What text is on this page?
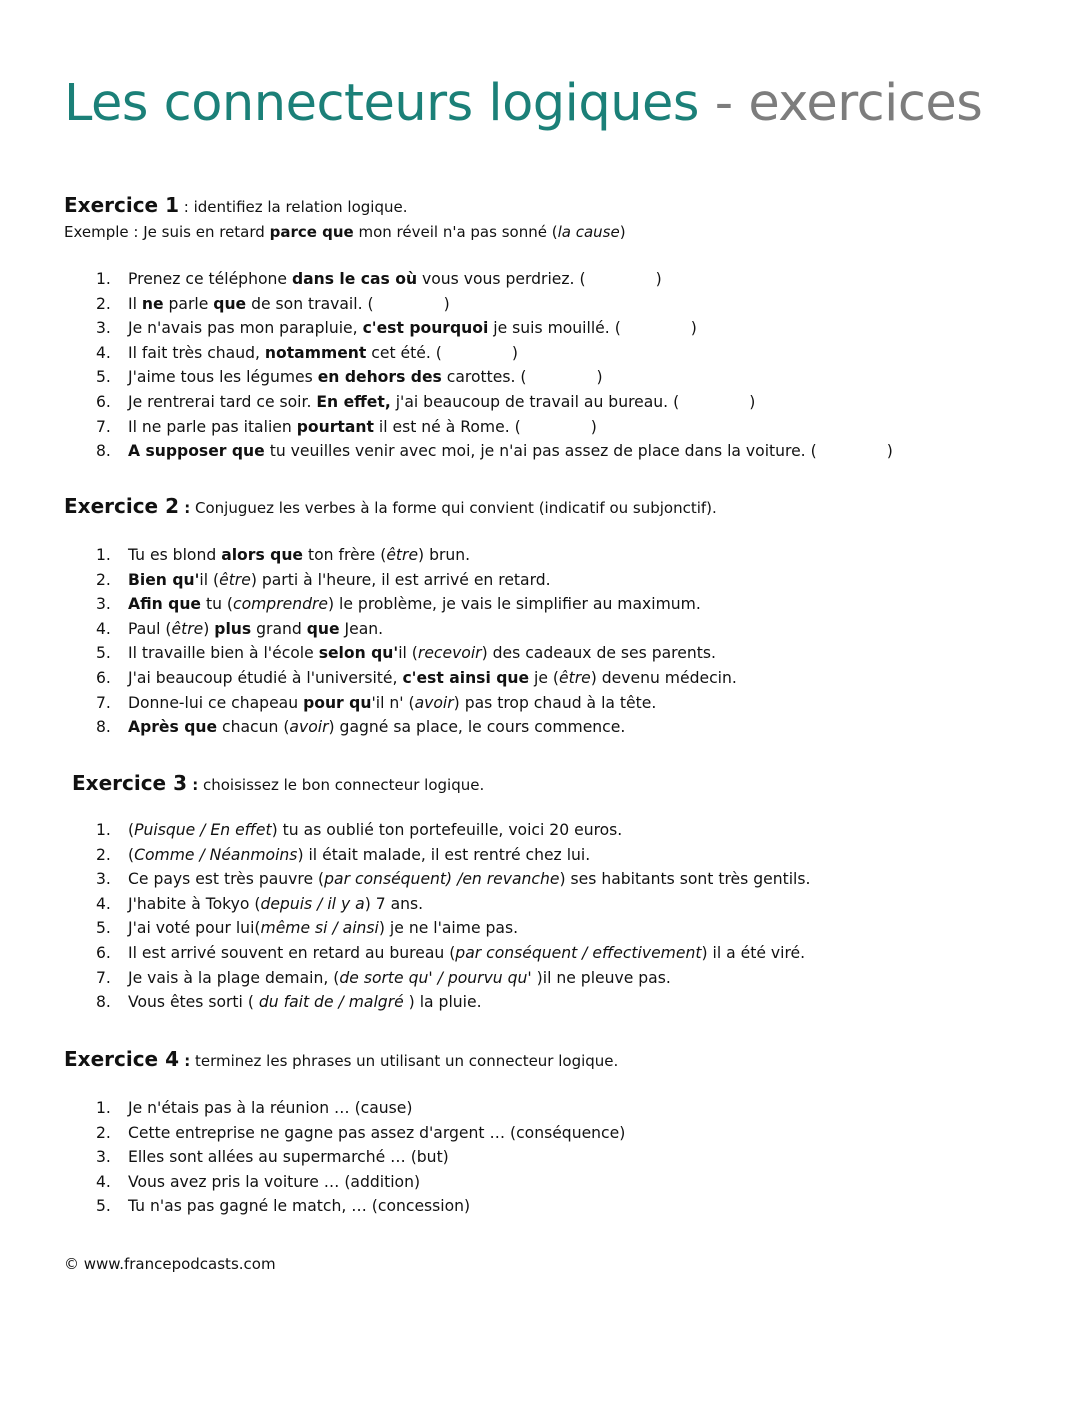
Les connecteurs logiques - exercices
Exercice 1 : identifiez la relation logique.
Exemple : Je suis en retard parce que mon réveil n'a pas sonné (la cause)
1. Prenez ce téléphone dans le cas où vous vous perdriez. (	)
2. Il ne parle que de son travail. (	)
3. Je n'avais pas mon parapluie, c'est pourquoi je suis mouillé. (	)
4. Il fait très chaud, notamment cet été. (	)
5. J'aime tous les légumes en dehors des carottes. (	)
6. Je rentrerai tard ce soir. En effet, j'ai beaucoup de travail au bureau. (	)
7. Il ne parle pas italien pourtant il est né à Rome. (	)
8. A supposer que tu veuilles venir avec moi, je n'ai pas assez de place dans la voiture. (	)
Exercice 2 : Conjuguez les verbes à la forme qui convient (indicatif ou subjonctif).
1. Tu es blond alors que ton frère (être) brun.
2. Bien qu'il (être) parti à l'heure, il est arrivé en retard.
3. Afin que tu (comprendre) le problème, je vais le simplifier au maximum.
4. Paul (être) plus grand que Jean.
5. Il travaille bien à l'école selon qu'il (recevoir) des cadeaux de ses parents.
6. J'ai beaucoup étudié à l'université, c'est ainsi que je (être) devenu médecin.
7. Donne-lui ce chapeau pour qu'il n' (avoir) pas trop chaud à la tête.
8. Après que chacun (avoir) gagné sa place, le cours commence.
Exercice 3 : choisissez le bon connecteur logique.
1. (Puisque / En effet) tu as oublié ton portefeuille, voici 20 euros.
2. (Comme / Néanmoins) il était malade, il est rentré chez lui.
3. Ce pays est très pauvre (par conséquent) /en revanche) ses habitants sont très gentils.
4. J'habite à Tokyo (depuis / il y a) 7 ans.
5. J'ai voté pour lui(même si / ainsi) je ne l'aime pas.
6. Il est arrivé souvent en retard au bureau (par conséquent / effectivement) il a été viré.
7. Je vais à la plage demain, (de sorte qu' / pourvu qu' )il ne pleuve pas.
8. Vous êtes sorti ( du fait de / malgré ) la pluie.
Exercice 4 : terminez les phrases un utilisant un connecteur logique.
1. Je n'étais pas à la réunion … (cause)
2. Cette entreprise ne gagne pas assez d'argent … (conséquence)
3. Elles sont allées au supermarché … (but)
4. Vous avez pris la voiture … (addition)
5. Tu n'as pas gagné le match, … (concession)
© www.francepodcasts.com
